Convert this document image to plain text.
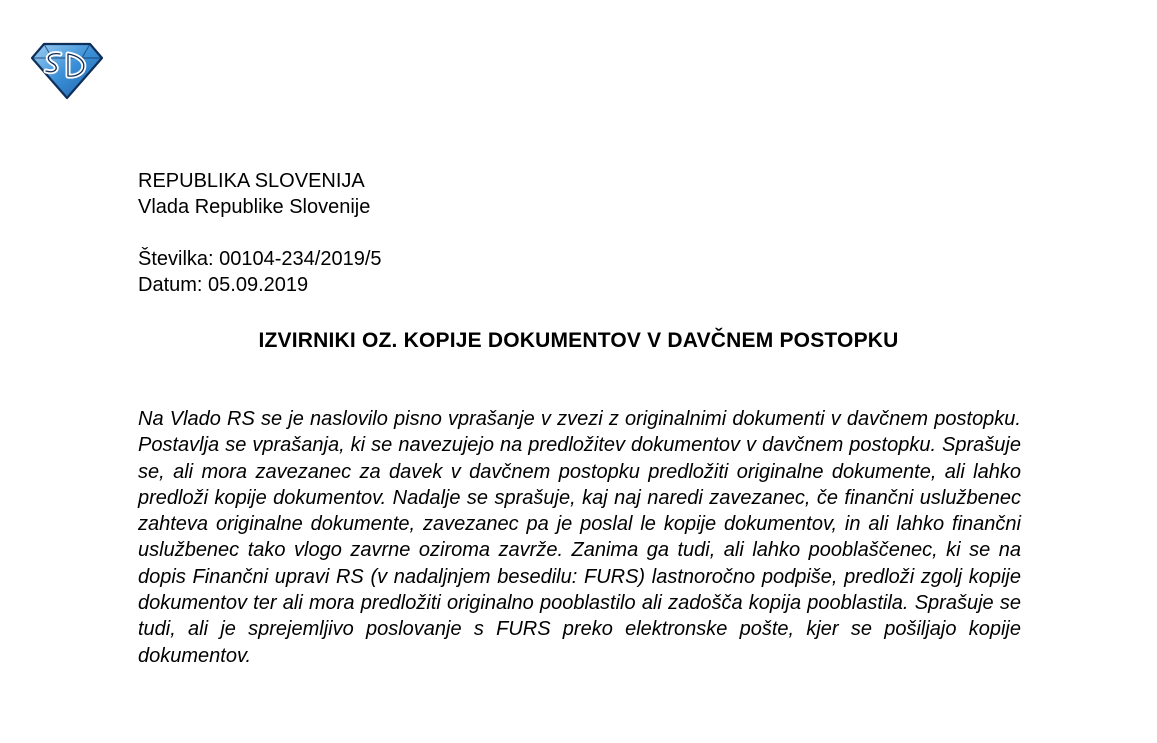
REPUBLIKA SLOVENIJA
Vlada Republike Slovenije
Številka: 00104-234/2019/5
Datum: 05.09.2019
IZVIRNIKI OZ. KOPIJE DOKUMENTOV V DAVČNEM POSTOPKU

Na Vlado RS se je naslovilo pisno vprašanje v zvezi z originalnimi dokumenti v davčnem postopku. Postavlja se vprašanja, ki se navezujejo na predložitev dokumentov v davčnem postopku. Sprašuje se, ali mora zavezanec za davek v davčnem postopku predložiti originalne dokumente, ali lahko predloži kopije dokumentov. Nadalje se sprašuje, kaj naj naredi zavezanec, če finančni uslužbenec zahteva originalne dokumente, zavezanec pa je poslal le kopije dokumentov, in ali lahko finančni uslužbenec tako vlogo zavrne oziroma zavrže. Zanima ga tudi, ali lahko pooblaščenec, ki se na dopis Finančni upravi RS (v nadaljnjem besedilu: FURS) lastnoročno podpiše, predloži zgolj kopije dokumentov ter ali mora predložiti originalno pooblastilo ali zadošča kopija pooblastila. Sprašuje se tudi, ali je sprejemljivo poslovanje s FURS preko elektronske pošte, kjer se pošiljajo kopije dokumentov.
